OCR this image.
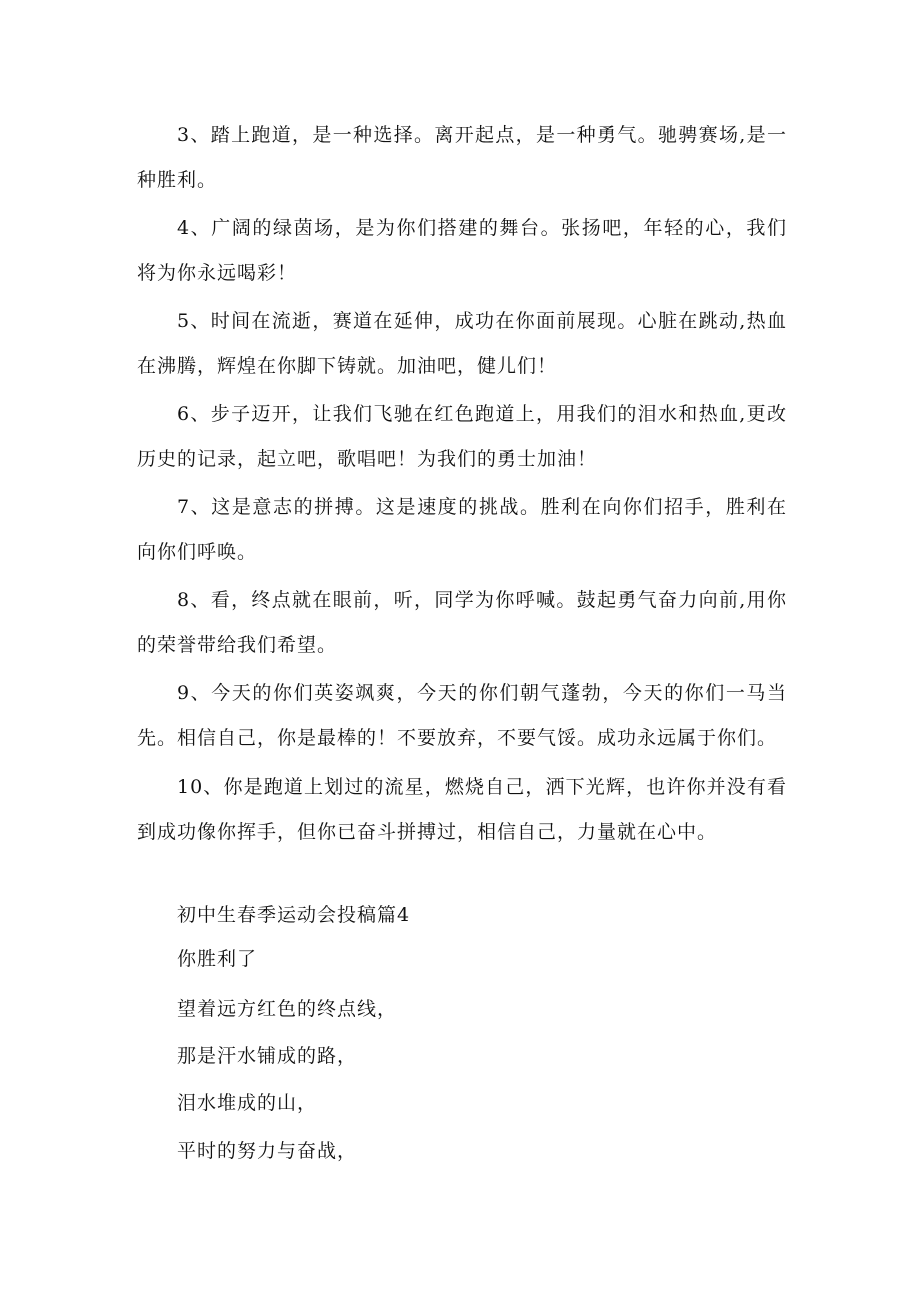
3、踏上跑道，是一种选择。离开起点，是一种勇气。驰骋赛场,是一种胜利。

4、广阔的绿茵场，是为你们搭建的舞台。张扬吧，年轻的心，我们将为你永远喝彩！

5、时间在流逝，赛道在延伸，成功在你面前展现。心脏在跳动,热血在沸腾，辉煌在你脚下铸就。加油吧，健儿们！

6、步子迈开，让我们飞驰在红色跑道上，用我们的泪水和热血,更改历史的记录，起立吧，歌唱吧！为我们的勇士加油！

7、这是意志的拼搏。这是速度的挑战。胜利在向你们招手，胜利在向你们呼唤。

8、看，终点就在眼前，听，同学为你呼喊。鼓起勇气奋力向前,用你的荣誉带给我们希望。

9、今天的你们英姿飒爽，今天的你们朝气蓬勃，今天的你们一马当先。相信自己，你是最棒的！不要放弃，不要气馁。成功永远属于你们。

10、你是跑道上划过的流星，燃烧自己，洒下光辉，也许你并没有看到成功像你挥手，但你已奋斗拼搏过，相信自己，力量就在心中。

初中生春季运动会投稿篇4

你胜利了

望着远方红色的终点线，

那是汗水铺成的路，

泪水堆成的山，

平时的努力与奋战，
